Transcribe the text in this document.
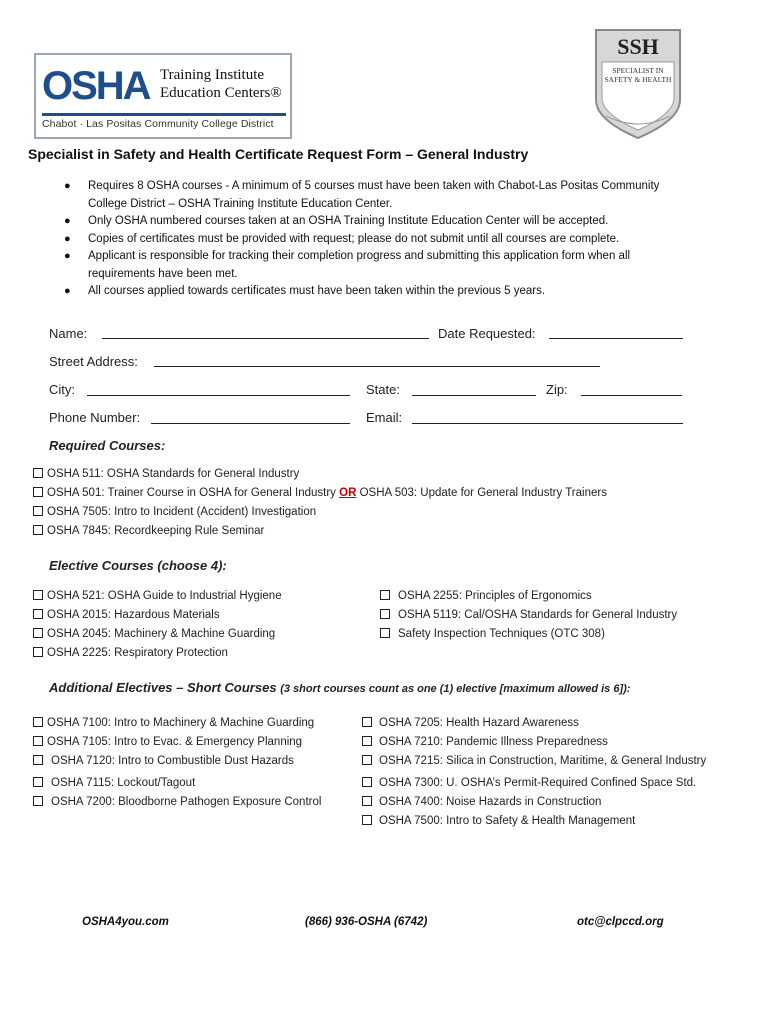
OSHA Training Institute
Education Centers®
Chabot · Las Positas Community College District
SSH
SPECIALIST IN SAFETY & HEALTH
Specialist in Safety and Health Certificate Request Form – General Industry
● Requires 8 OSHA courses - A minimum of 5 courses must have been taken with Chabot-Las Positas Community College District – OSHA Training Institute Education Center.
● Only OSHA numbered courses taken at an OSHA Training Institute Education Center will be accepted.
● Copies of certificates must be provided with request; please do not submit until all courses are complete.
● Applicant is responsible for tracking their completion progress and submitting this application form when all requirements have been met.
● All courses applied towards certificates must have been taken within the previous 5 years.
Name:	Date Requested:
Street Address:
City:	State:	Zip:
Phone Number:	Email:
Required Courses:
OSHA 511: OSHA Standards for General Industry
OSHA 501: Trainer Course in OSHA for General Industry OR OSHA 503: Update for General Industry Trainers
OSHA 7505: Intro to Incident (Accident) Investigation
OSHA 7845: Recordkeeping Rule Seminar
Elective Courses (choose 4):
OSHA 521: OSHA Guide to Industrial Hygiene
OSHA 2015: Hazardous Materials
OSHA 2045: Machinery & Machine Guarding
OSHA 2225: Respiratory Protection
OSHA 2255: Principles of Ergonomics
OSHA 5119: Cal/OSHA Standards for General Industry
Safety Inspection Techniques (OTC 308)
Additional Electives – Short Courses (3 short courses count as one (1) elective [maximum allowed is 6]):
OSHA 7100: Intro to Machinery & Machine Guarding
OSHA 7105: Intro to Evac. & Emergency Planning
OSHA 7120: Intro to Combustible Dust Hazards
OSHA 7115: Lockout/Tagout
OSHA 7200: Bloodborne Pathogen Exposure Control
OSHA 7205: Health Hazard Awareness
OSHA 7210: Pandemic Illness Preparedness
OSHA 7215: Silica in Construction, Maritime, & General Industry
OSHA 7300: U. OSHA’s Permit-Required Confined Space Std.
OSHA 7400: Noise Hazards in Construction
OSHA 7500: Intro to Safety & Health Management
OSHA4you.com	(866) 936-OSHA (6742)	otc@clpccd.org
